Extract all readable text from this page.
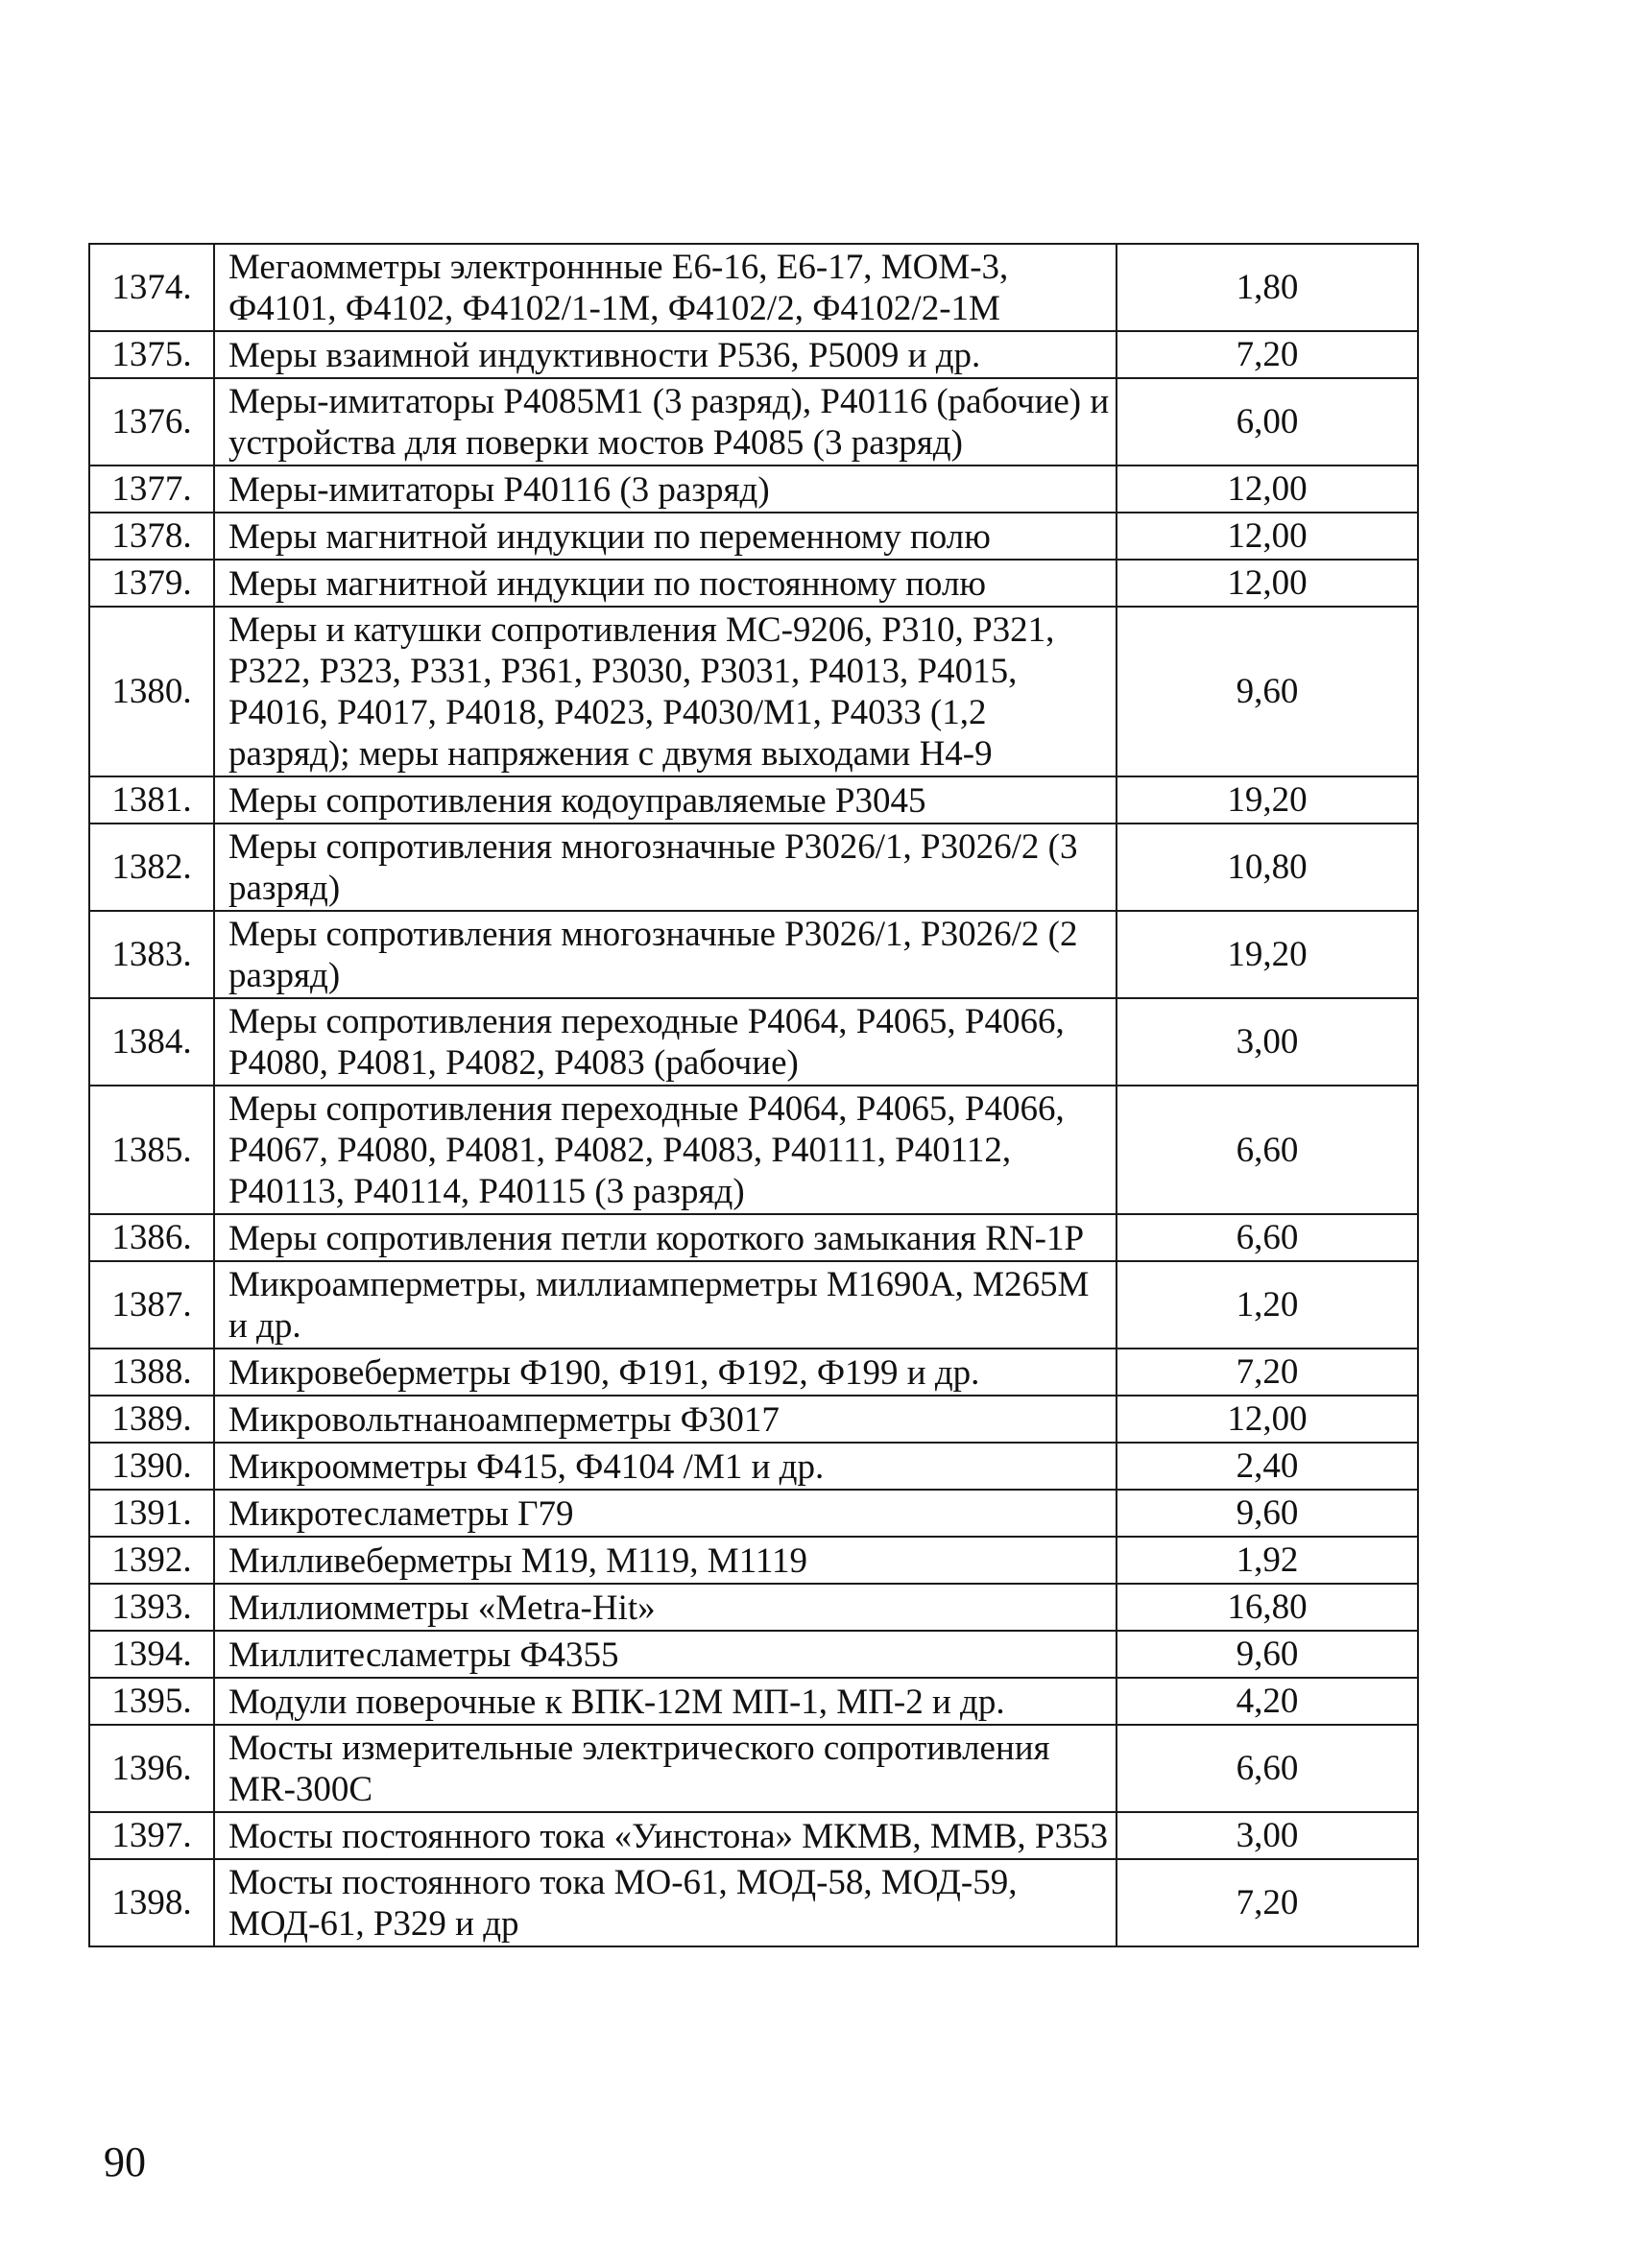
1374.	Мегаомметры электроннные Е6-16, Е6-17, МОМ-3, Ф4101, Ф4102, Ф4102/1-1М, Ф4102/2, Ф4102/2-1М	1,80
1375.	Меры взаимной индуктивности Р536, Р5009 и др.	7,20
1376.	Меры-имитаторы Р4085М1 (3 разряд), Р40116 (рабочие) и устройства для поверки мостов Р4085 (3 разряд)	6,00
1377.	Меры-имитаторы Р40116 (3 разряд)	12,00
1378.	Меры магнитной индукции по переменному полю	12,00
1379.	Меры магнитной индукции по постоянному полю	12,00
1380.	Меры и катушки сопротивления МС-9206, Р310, Р321, Р322, Р323, Р331, Р361, Р3030, Р3031, Р4013, Р4015, Р4016, Р4017, Р4018, Р4023, Р4030/М1, Р4033 (1,2 разряд); меры напряжения с двумя выходами Н4-9	9,60
1381.	Меры сопротивления кодоуправляемые Р3045	19,20
1382.	Меры сопротивления многозначные Р3026/1, Р3026/2 (3 разряд)	10,80
1383.	Меры сопротивления многозначные Р3026/1, Р3026/2 (2 разряд)	19,20
1384.	Меры сопротивления переходные Р4064, Р4065, Р4066, Р4080, Р4081, Р4082, Р4083 (рабочие)	3,00
1385.	Меры сопротивления переходные Р4064, Р4065, Р4066, Р4067, Р4080, Р4081, Р4082, Р4083, Р40111, Р40112, Р40113, Р40114, Р40115 (3 разряд)	6,60
1386.	Меры сопротивления петли короткого замыкания RN-1P	6,60
1387.	Микроамперметры, миллиамперметры М1690А, М265М и др.	1,20
1388.	Микровеберметры Ф190, Ф191, Ф192, Ф199 и др.	7,20
1389.	Микровольтнаноамперметры Ф3017	12,00
1390.	Микроомметры Ф415, Ф4104 /М1 и др.	2,40
1391.	Микротесламетры Г79	9,60
1392.	Милливеберметры М19, М119, М1119	1,92
1393.	Миллиомметры «Metra-Hit»	16,80
1394.	Миллитесламетры Ф4355	9,60
1395.	Модули поверочные к ВПК-12М МП-1, МП-2 и др.	4,20
1396.	Мосты измерительные электрического сопротивления MR-300C	6,60
1397.	Мосты постоянного тока «Уинстона» МКМВ, ММВ, Р353	3,00
1398.	Мосты постоянного тока МО-61, МОД-58, МОД-59, МОД-61, Р329 и др	7,20
90
